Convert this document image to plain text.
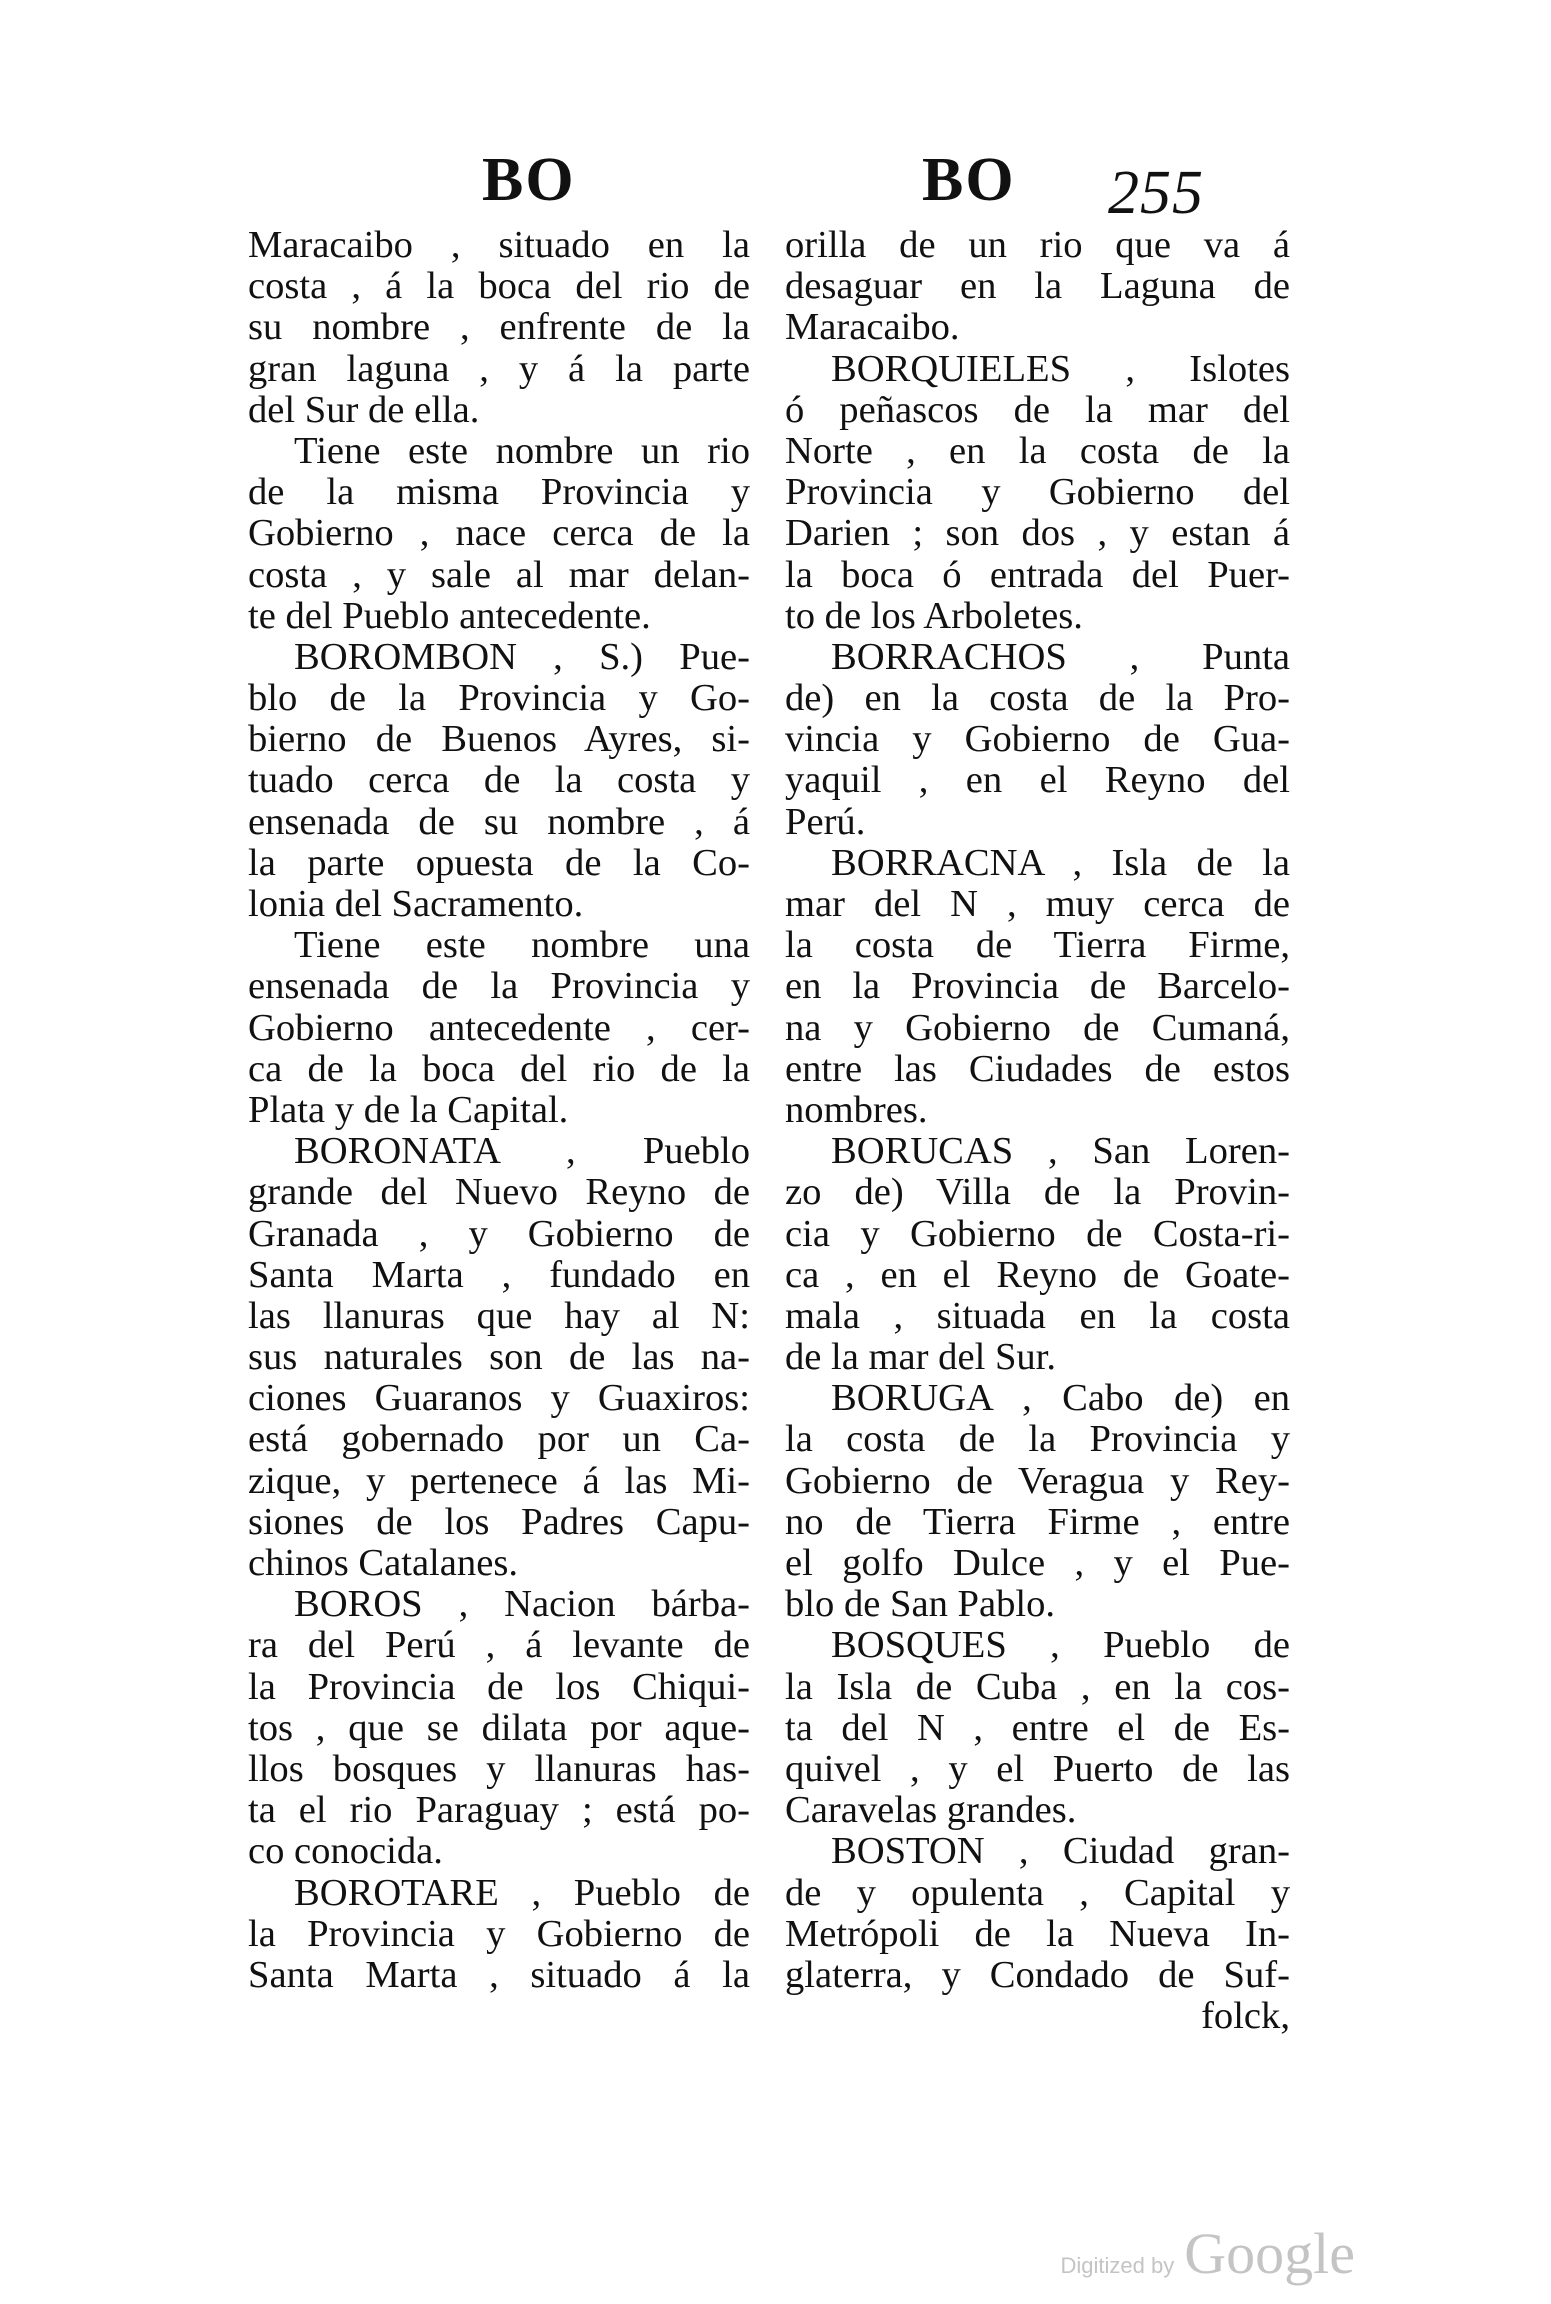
BO	BO 255
Maracaibo , situado en la
costa , á la boca del rio de
su nombre , enfrente de la
gran laguna , y á la parte
del Sur de ella.
Tiene este nombre un rio
de la misma Provincia y
Gobierno , nace cerca de la
costa , y sale al mar delan-
te del Pueblo antecedente.
BOROMBON , S.) Pue-
blo de la Provincia y Go-
bierno de Buenos Ayres, si-
tuado cerca de la costa y
ensenada de su nombre , á
la parte opuesta de la Co-
lonia del Sacramento.
Tiene este nombre una
ensenada de la Provincia y
Gobierno antecedente , cer-
ca de la boca del rio de la
Plata y de la Capital.
BORONATA , Pueblo
grande del Nuevo Reyno de
Granada , y Gobierno de
Santa Marta , fundado en
las llanuras que hay al N:
sus naturales son de las na-
ciones Guaranos y Guaxiros:
está gobernado por un Ca-
zique, y pertenece á las Mi-
siones de los Padres Capu-
chinos Catalanes.
BOROS , Nacion bárba-
ra del Perú , á levante de
la Provincia de los Chiqui-
tos , que se dilata por aque-
llos bosques y llanuras has-
ta el rio Paraguay ; está po-
co conocida.
BOROTARE , Pueblo de
la Provincia y Gobierno de
Santa Marta , situado á la
orilla de un rio que va á
desaguar en la Laguna de
Maracaibo.
BORQUIELES , Islotes
ó peñascos de la mar del
Norte , en la costa de la
Provincia y Gobierno del
Darien ; son dos , y estan á
la boca ó entrada del Puer-
to de los Arboletes.
BORRACHOS , Punta
de) en la costa de la Pro-
vincia y Gobierno de Gua-
yaquil , en el Reyno del
Perú.
BORRACNA , Isla de la
mar del N , muy cerca de
la costa de Tierra Firme,
en la Provincia de Barcelo-
na y Gobierno de Cumaná,
entre las Ciudades de estos
nombres.
BORUCAS , San Loren-
zo de) Villa de la Provin-
cia y Gobierno de Costa-ri-
ca , en el Reyno de Goate-
mala , situada en la costa
de la mar del Sur.
BORUGA , Cabo de) en
la costa de la Provincia y
Gobierno de Veragua y Rey-
no de Tierra Firme , entre
el golfo Dulce , y el Pue-
blo de San Pablo.
BOSQUES , Pueblo de
la Isla de Cuba , en la cos-
ta del N , entre el de Es-
quivel , y el Puerto de las
Caravelas grandes.
BOSTON , Ciudad gran-
de y opulenta , Capital y
Metrópoli de la Nueva In-
glaterra, y Condado de Suf-
folck,
Digitized by Google
